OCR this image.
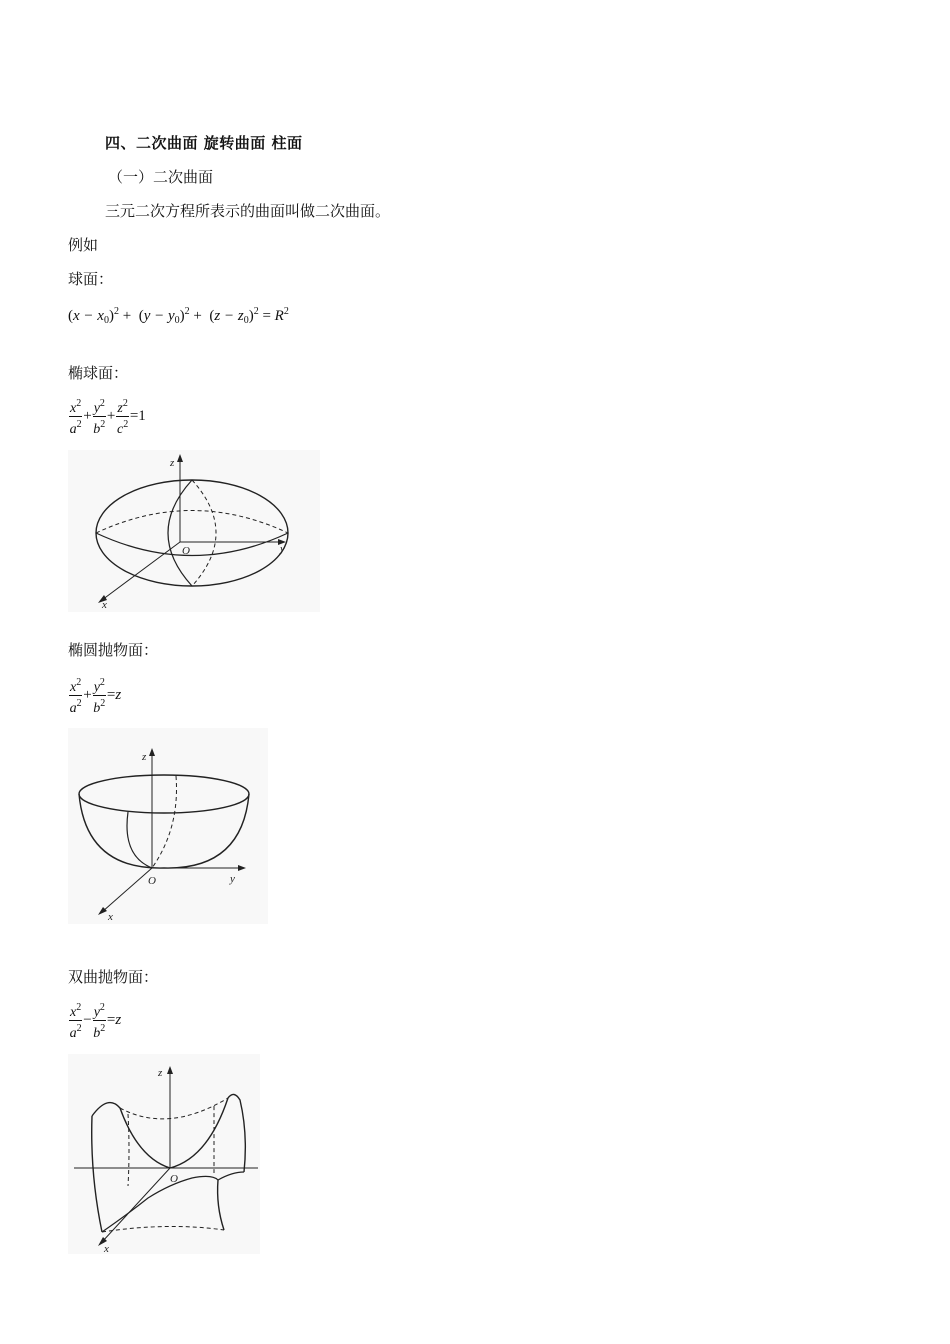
四、二次曲面 旋转曲面 柱面
（一）二次曲面
三元二次方程所表示的曲面叫做二次曲面。
例如
球面：
$(x - x_0)^2 + (y - y_0)^2 + (z - z_0)^2 = R^2$
椭球面：
$\frac{x^2}{a^2} + \frac{y^2}{b^2} + \frac{z^2}{c^2} =1$
z
y
x
O
椭圆抛物面：
$\frac{x^2}{a^2} + \frac{y^2}{b^2} =z$
z
y
x
O
双曲抛物面：
$\frac{x^2}{a^2} - \frac{y^2}{b^2} =z$
z
x
O
